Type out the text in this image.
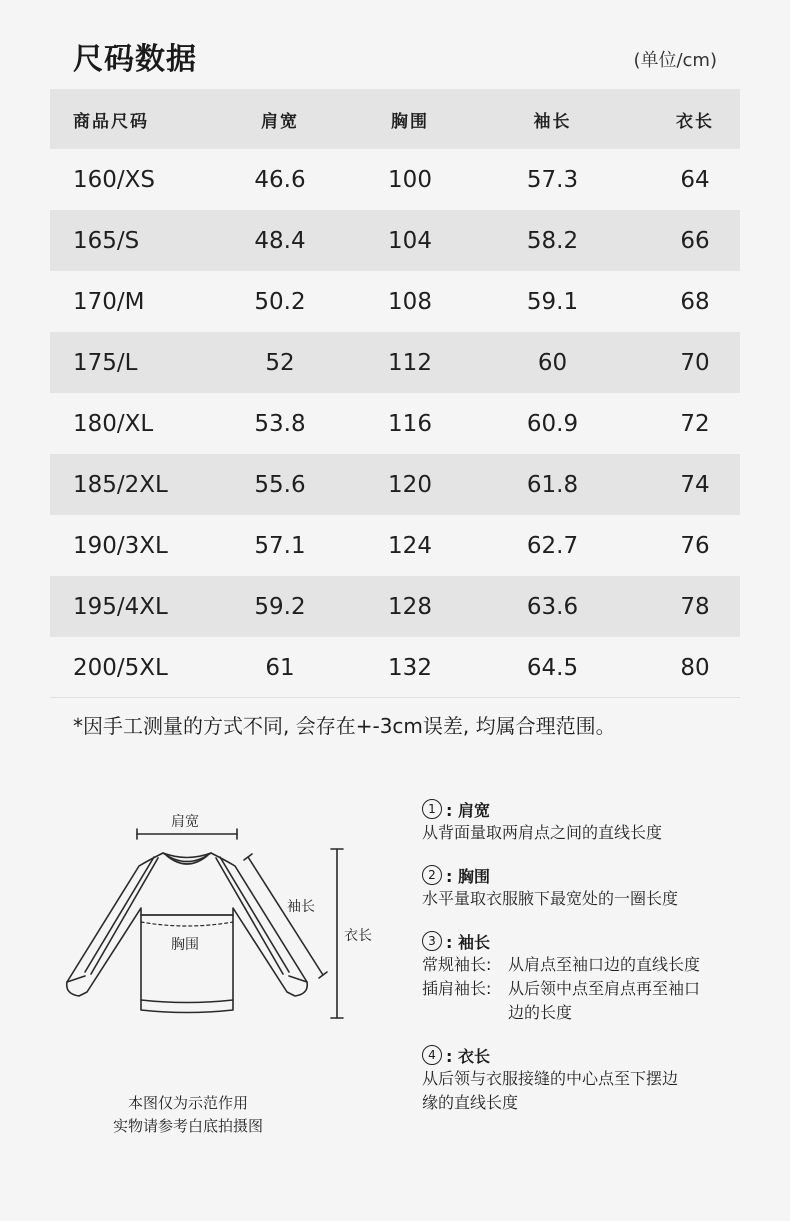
尺码数据	(单位/cm)
商品尺码	肩宽	胸围	袖长	衣长
160/XS	46.6	100	57.3	64
165/S	48.4	104	58.2	66
170/M	50.2	108	59.1	68
175/L	52	112	60	70
180/XL	53.8	116	60.9	72
185/2XL	55.6	120	61.8	74
190/3XL	57.1	124	62.7	76
195/4XL	59.2	128	63.6	78
200/5XL	61	132	64.5	80
*因手工测量的方式不同, 会存在+-3cm误差, 均属合理范围。
肩宽
袖长
胸围
衣长
本图仅为示范作用
实物请参考白底拍摄图
1 : 肩宽
从背面量取两肩点之间的直线长度
2 : 胸围
水平量取衣服腋下最宽处的一圈长度
3 : 袖长
常规袖长:	从肩点至袖口边的直线长度
插肩袖长:	从后领中点至肩点再至袖口
边的长度
4 : 衣长
从后领与衣服接缝的中心点至下摆边
缘的直线长度
